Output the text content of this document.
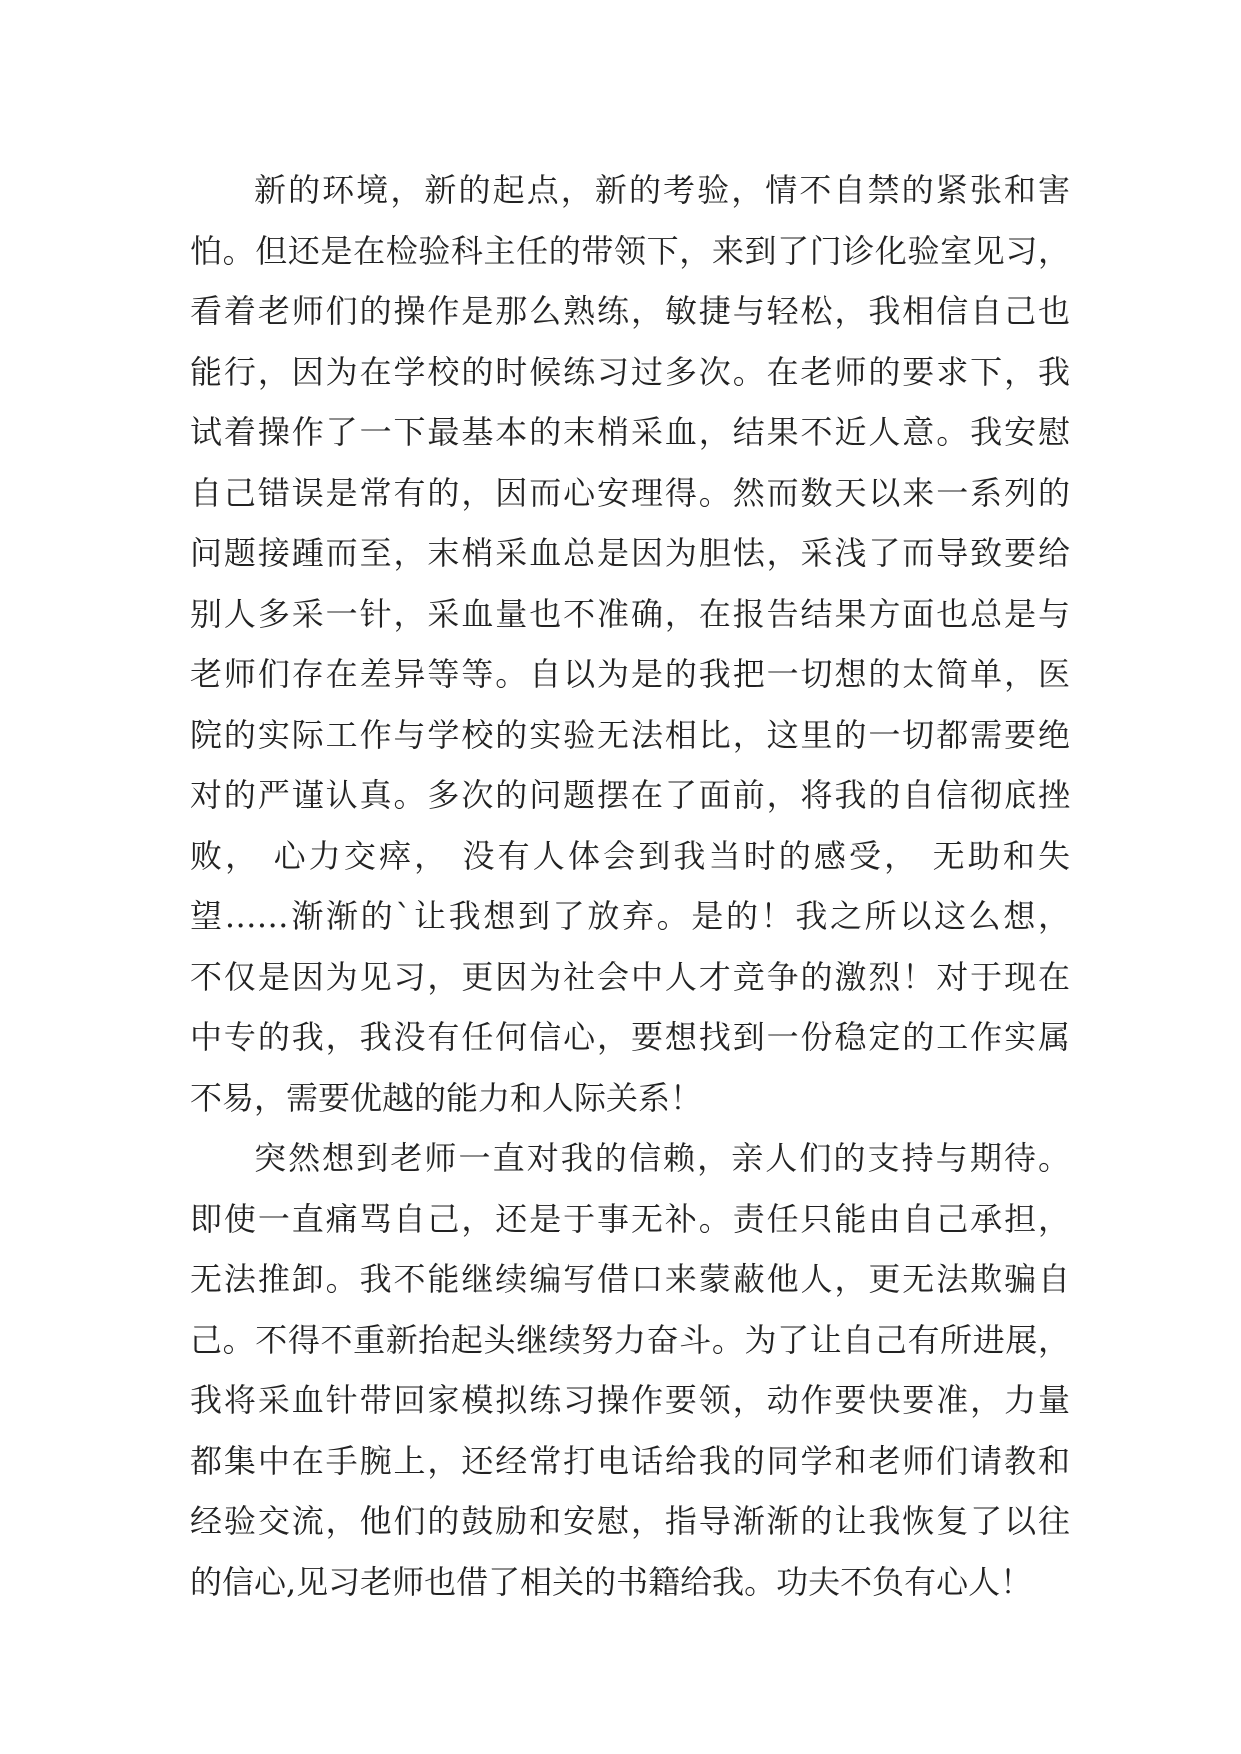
新的环境，新的起点，新的考验，情不自禁的紧张和害
怕。但还是在检验科主任的带领下，来到了门诊化验室见习，
看着老师们的操作是那么熟练，敏捷与轻松，我相信自己也
能行，因为在学校的时候练习过多次。在老师的要求下，我
试着操作了一下最基本的末梢采血，结果不近人意。我安慰
自己错误是常有的，因而心安理得。然而数天以来一系列的
问题接踵而至，末梢采血总是因为胆怯，采浅了而导致要给
别人多采一针，采血量也不准确，在报告结果方面也总是与
老师们存在差异等等。自以为是的我把一切想的太简单，医
院的实际工作与学校的实验无法相比，这里的一切都需要绝
对的严谨认真。多次的问题摆在了面前，将我的自信彻底挫
败， 心力交瘁， 没有人体会到我当时的感受， 无助和失
望……渐渐的`让我想到了放弃。是的！我之所以这么想，
不仅是因为见习，更因为社会中人才竞争的激烈！对于现在
中专的我，我没有任何信心，要想找到一份稳定的工作实属
不易，需要优越的能力和人际关系！
突然想到老师一直对我的信赖，亲人们的支持与期待。
即使一直痛骂自己，还是于事无补。责任只能由自己承担，
无法推卸。我不能继续编写借口来蒙蔽他人，更无法欺骗自
己。不得不重新抬起头继续努力奋斗。为了让自己有所进展，
我将采血针带回家模拟练习操作要领，动作要快要准，力量
都集中在手腕上，还经常打电话给我的同学和老师们请教和
经验交流，他们的鼓励和安慰，指导渐渐的让我恢复了以往
的信心,见习老师也借了相关的书籍给我。功夫不负有心人！
